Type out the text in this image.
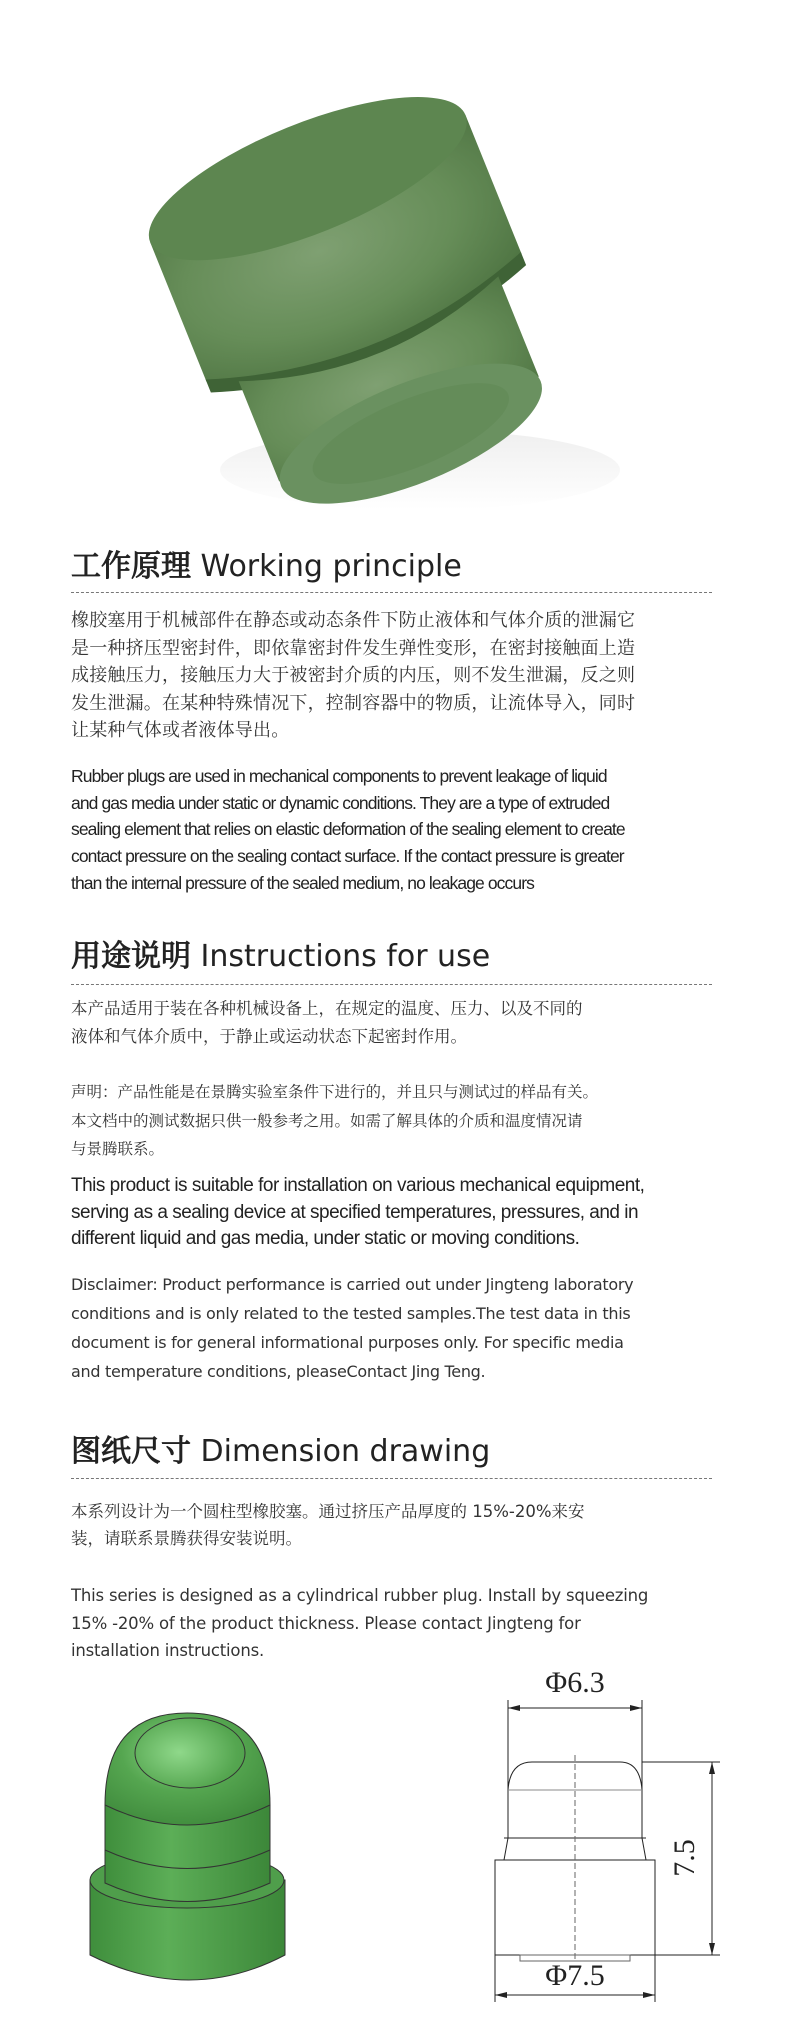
工作原理 Working principle
橡胶塞用于机械部件在静态或动态条件下防止液体和气体介质的泄漏它
是一种挤压型密封件，即依靠密封件发生弹性变形，在密封接触面上造
成接触压力，接触压力大于被密封介质的内压，则不发生泄漏，反之则
发生泄漏。在某种特殊情况下，控制容器中的物质，让流体导入，同时
让某种气体或者液体导出。
Rubber plugs are used in mechanical components to prevent leakage of liquid
and gas media under static or dynamic conditions. They are a type of extruded
sealing element that relies on elastic deformation of the sealing element to create
contact pressure on the sealing contact surface. If the contact pressure is greater
than the internal pressure of the sealed medium, no leakage occurs
用途说明 Instructions for use
本产品适用于装在各种机械设备上，在规定的温度、压力、以及不同的
液体和气体介质中，于静止或运动状态下起密封作用。
声明：产品性能是在景腾实验室条件下进行的，并且只与测试过的样品有关。
本文档中的测试数据只供一般参考之用。如需了解具体的介质和温度情况请
与景腾联系。
This product is suitable for installation on various mechanical equipment,
serving as a sealing device at specified temperatures, pressures, and in
different liquid and gas media, under static or moving conditions.
Disclaimer: Product performance is carried out under Jingteng laboratory
conditions and is only related to the tested samples.The test data in this
document is for general informational purposes only. For specific media
and temperature conditions, pleaseContact Jing Teng.
图纸尺寸 Dimension drawing
本系列设计为一个圆柱型橡胶塞。通过挤压产品厚度的 15%-20%来安
装，请联系景腾获得安装说明。
This series is designed as a cylindrical rubber plug. Install by squeezing
15% -20% of the product thickness. Please contact Jingteng for
installation instructions.
Φ6.3
Φ7.5
7.5
